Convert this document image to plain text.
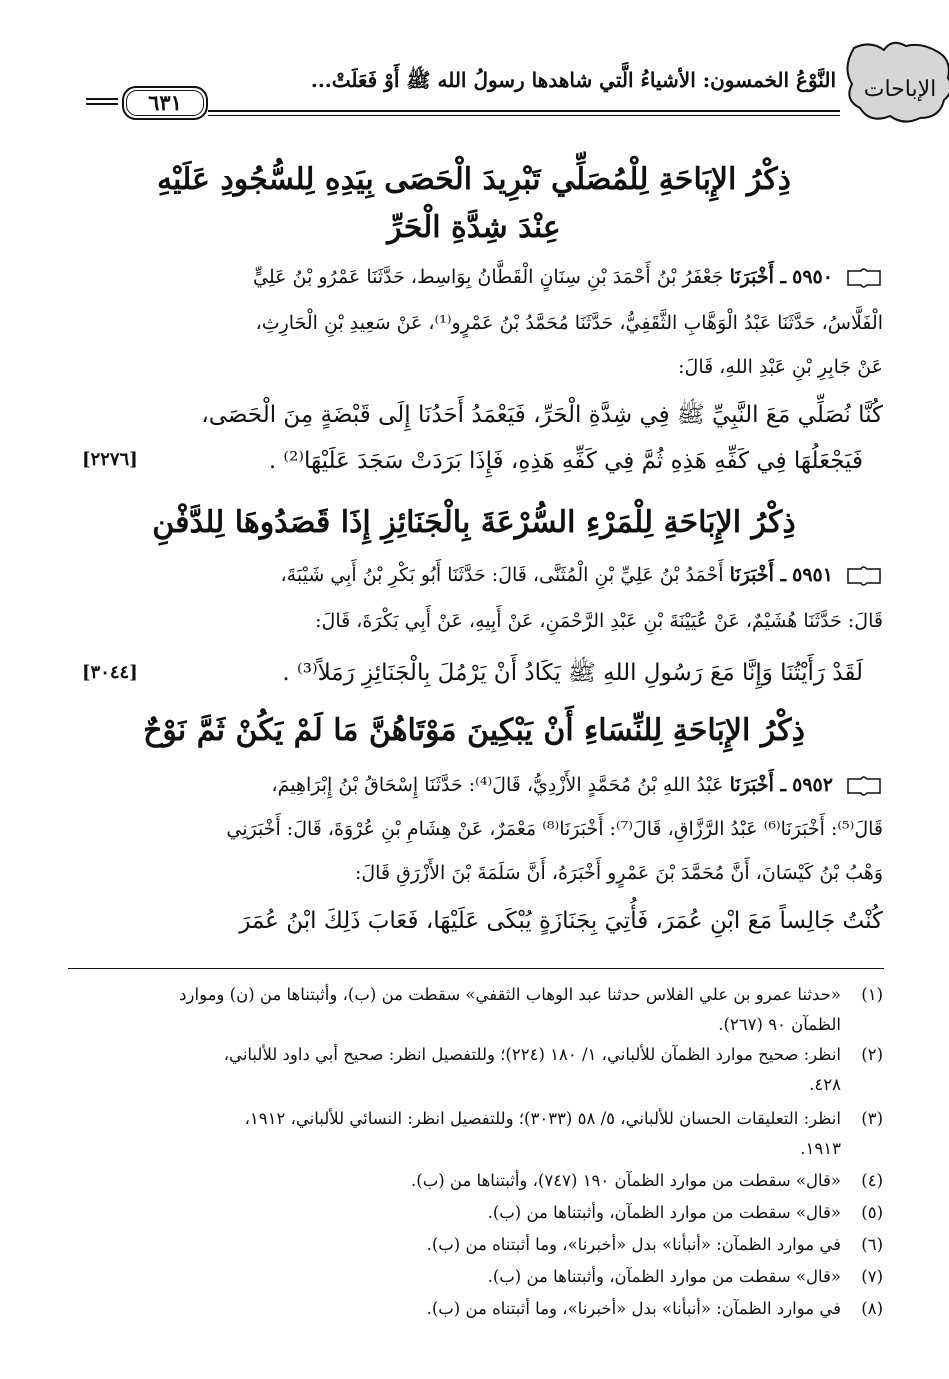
الإباحات
النَّوْعُ الخمسون: الأشياءُ الَّتي شاهدها رسولُ الله ﷺ أَوْ فَعَلَتْ...
٦٣١
ذِكْرُ الإِبَاحَةِ لِلْمُصَلِّي تَبْرِيدَ الْحَصَى بِيَدِهِ لِلسُّجُودِ عَلَيْهِ
عِنْدَ شِدَّةِ الْحَرِّ
٥٩٥٠ ـ أَخْبَرَنَا جَعْفَرُ بْنُ أَحْمَدَ بْنِ سِنَانٍ الْقَطَّانُ بِوَاسِط، حَدَّثَنَا عَمْرُو بْنُ عَلِيٍّ
الْفَلَّاسُ، حَدَّثَنَا عَبْدُ الْوَهَّابِ الثَّقَفِيُّ، حَدَّثَنَا مُحَمَّدُ بْنُ عَمْرٍو⁽¹⁾، عَنْ سَعِيدِ بْنِ الْحَارِثِ،
عَنْ جَابِرِ بْنِ عَبْدِ اللهِ، قَالَ:
كُنَّا نُصَلِّي مَعَ النَّبِيِّ ﷺ فِي شِدَّةِ الْحَرِّ، فَيَعْمَدُ أَحَدُنَا إِلَى قَبْضَةٍ مِنَ الْحَصَى،
فَيَجْعَلُهَا فِي كَفِّهِ هَذِهِ ثُمَّ فِي كَفِّهِ هَذِهِ، فَإِذَا بَرَدَتْ سَجَدَ عَلَيْهَا⁽²⁾ .
[٢٢٧٦]
ذِكْرُ الإِبَاحَةِ لِلْمَرْءِ السُّرْعَةَ بِالْجَنَائِزِ إِذَا قَصَدُوهَا لِلدَّفْنِ
٥٩٥١ ـ أَخْبَرَنَا أَحْمَدُ بْنُ عَلِيِّ بْنِ الْمُثَنَّى، قَالَ: حَدَّثَنَا أَبُو بَكْرِ بْنُ أَبِي شَيْبَةَ،
قَالَ: حَدَّثَنَا هُشَيْمٌ، عَنْ عُيَيْنَةَ بْنِ عَبْدِ الرَّحْمَنِ، عَنْ أَبِيهِ، عَنْ أَبِي بَكْرَةَ، قَالَ:
لَقَدْ رَأَيْتُنَا وَإِنَّا مَعَ رَسُولِ اللهِ ﷺ يَكَادُ أَنْ يَرْمُلَ بِالْجَنَائِزِ رَمَلاً⁽³⁾ .
[٣٠٤٤]
ذِكْرُ الإِبَاحَةِ لِلنِّسَاءِ أَنْ يَبْكِينَ مَوْتَاهُنَّ مَا لَمْ يَكُنْ ثَمَّ نَوْحٌ
٥٩٥٢ ـ أَخْبَرَنَا عَبْدُ اللهِ بْنُ مُحَمَّدٍ الأَزْدِيُّ، قَالَ⁽⁴⁾: حَدَّثَنَا إِسْحَاقُ بْنُ إِبْرَاهِيمَ،
قَالَ⁽⁵⁾: أَخْبَرَنَا⁽⁶⁾ عَبْدُ الرَّزَّاقِ، قَالَ⁽⁷⁾: أَخْبَرَنَا⁽⁸⁾ مَعْمَرٌ، عَنْ هِشَامِ بْنِ عُرْوَةَ، قَالَ: أَخْبَرَنِي
وَهْبُ بْنُ كَيْسَانَ، أَنَّ مُحَمَّدَ بْنَ عَمْرٍو أَخْبَرَهُ، أَنَّ سَلَمَةَ بْنَ الأَزْرَقِ قَالَ:
كُنْتُ جَالِساً مَعَ ابْنِ عُمَرَ، فَأُتِيَ بِجَنَازَةٍ يُبْكَى عَلَيْهَا، فَعَابَ ذَلِكَ ابْنُ عُمَرَ
(١)«حدثنا عمرو بن علي الفلاس حدثنا عبد الوهاب الثقفي» سقطت من (ب)، وأثبتناها من (ن) وموارد
الظمآن ٩٠ (٢٦٧).
(٢)انظر: صحيح موارد الظمآن للألباني، ١/ ١٨٠ (٢٢٤)؛ وللتفصيل انظر: صحيح أبي داود للألباني،
٤٢٨.
(٣)انظر: التعليقات الحسان للألباني، ٥/ ٥٨ (٣٠٣٣)؛ وللتفصيل انظر: النسائي للألباني، ١٩١٢،
١٩١٣.
(٤)«قال» سقطت من موارد الظمآن ١٩٠ (٧٤٧)، وأثبتناها من (ب).
(٥)«قال» سقطت من موارد الظمآن، وأثبتناها من (ب).
(٦)في موارد الظمآن: «أنبأنا» بدل «أخبرنا»، وما أثبتناه من (ب).
(٧)«قال» سقطت من موارد الظمآن، وأثبتناها من (ب).
(٨)في موارد الظمآن: «أنبأنا» بدل «أخبرنا»، وما أثبتناه من (ب).
